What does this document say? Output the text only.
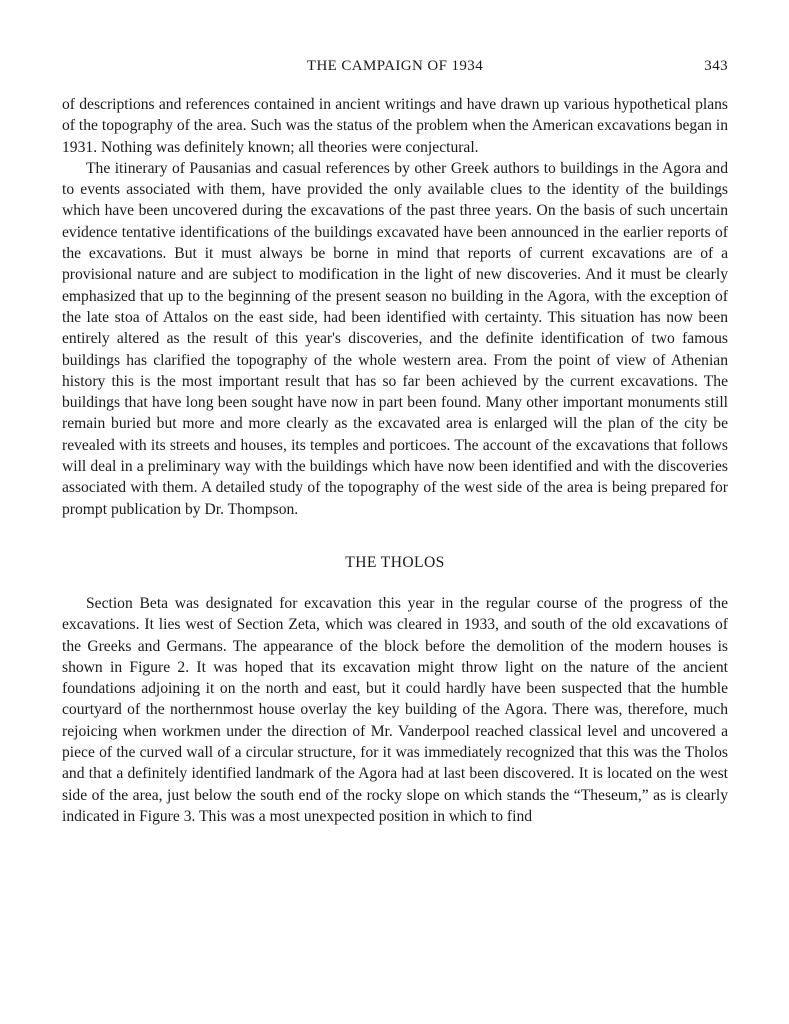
THE CAMPAIGN OF 1934	343

of descriptions and references contained in ancient writings and have drawn up various hypothetical plans of the topography of the area. Such was the status of the problem when the American excavations began in 1931. Nothing was definitely known; all theories were conjectural.

The itinerary of Pausanias and casual references by other Greek authors to buildings in the Agora and to events associated with them, have provided the only available clues to the identity of the buildings which have been uncovered during the excavations of the past three years. On the basis of such uncertain evidence tentative identifications of the buildings excavated have been announced in the earlier reports of the excavations. But it must always be borne in mind that reports of current excavations are of a provisional nature and are subject to modification in the light of new discoveries. And it must be clearly emphasized that up to the beginning of the present season no building in the Agora, with the exception of the late stoa of Attalos on the east side, had been identified with certainty. This situation has now been entirely altered as the result of this year's discoveries, and the definite identification of two famous buildings has clarified the topography of the whole western area. From the point of view of Athenian history this is the most important result that has so far been achieved by the current excavations. The buildings that have long been sought have now in part been found. Many other important monuments still remain buried but more and more clearly as the excavated area is enlarged will the plan of the city be revealed with its streets and houses, its temples and porticoes. The account of the excavations that follows will deal in a preliminary way with the buildings which have now been identified and with the discoveries associated with them. A detailed study of the topography of the west side of the area is being prepared for prompt publication by Dr. Thompson.

THE THOLOS

Section Beta was designated for excavation this year in the regular course of the progress of the excavations. It lies west of Section Zeta, which was cleared in 1933, and south of the old excavations of the Greeks and Germans. The appearance of the block before the demolition of the modern houses is shown in Figure 2. It was hoped that its excavation might throw light on the nature of the ancient foundations adjoining it on the north and east, but it could hardly have been suspected that the humble courtyard of the northernmost house overlay the key building of the Agora. There was, therefore, much rejoicing when workmen under the direction of Mr. Vanderpool reached classical level and uncovered a piece of the curved wall of a circular structure, for it was immediately recognized that this was the Tholos and that a definitely identified landmark of the Agora had at last been discovered. It is located on the west side of the area, just below the south end of the rocky slope on which stands the “Theseum,” as is clearly indicated in Figure 3. This was a most unexpected position in which to find
